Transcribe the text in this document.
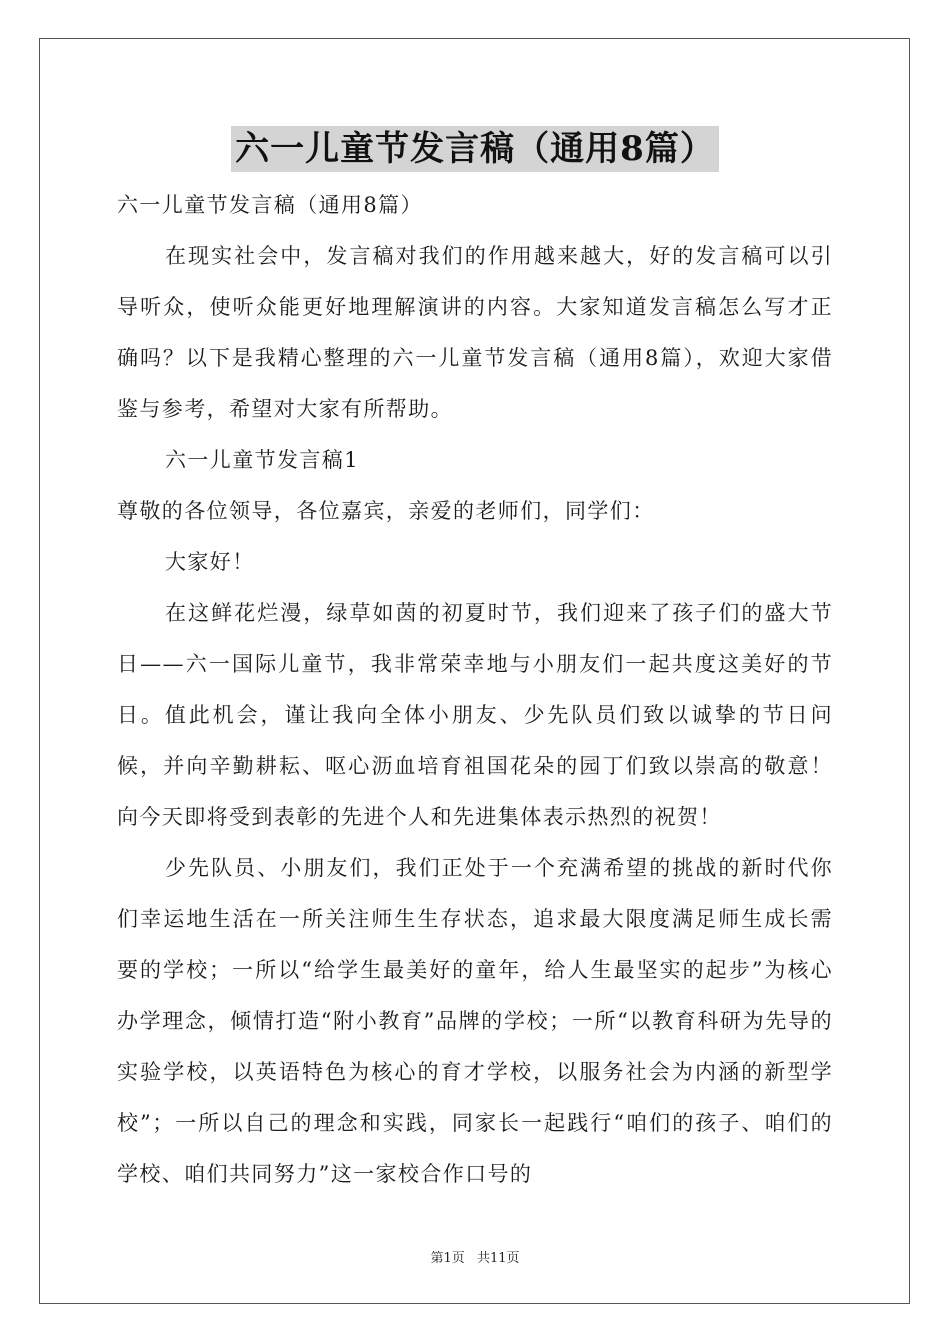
六一儿童节发言稿（通用8篇）

六一儿童节发言稿（通用8篇）

在现实社会中，发言稿对我们的作用越来越大，好的发言稿可以引导听众，使听众能更好地理解演讲的内容。大家知道发言稿怎么写才正确吗？以下是我精心整理的六一儿童节发言稿（通用8篇），欢迎大家借鉴与参考，希望对大家有所帮助。

六一儿童节发言稿1

尊敬的各位领导，各位嘉宾，亲爱的老师们，同学们：

大家好！

在这鲜花烂漫，绿草如茵的初夏时节，我们迎来了孩子们的盛大节日——六一国际儿童节，我非常荣幸地与小朋友们一起共度这美好的节日。值此机会，谨让我向全体小朋友、少先队员们致以诚挚的节日问候，并向辛勤耕耘、呕心沥血培育祖国花朵的园丁们致以崇高的敬意！向今天即将受到表彰的先进个人和先进集体表示热烈的祝贺！

少先队员、小朋友们，我们正处于一个充满希望的挑战的新时代你们幸运地生活在一所关注师生生存状态，追求最大限度满足师生成长需要的学校；一所以“给学生最美好的童年，给人生最坚实的起步”为核心办学理念，倾情打造“附小教育”品牌的学校；一所“以教育科研为先导的实验学校，以英语特色为核心的育才学校，以服务社会为内涵的新型学校”；一所以自己的理念和实践，同家长一起践行“咱们的孩子、咱们的学校、咱们共同努力”这一家校合作口号的

第1页 共11页
